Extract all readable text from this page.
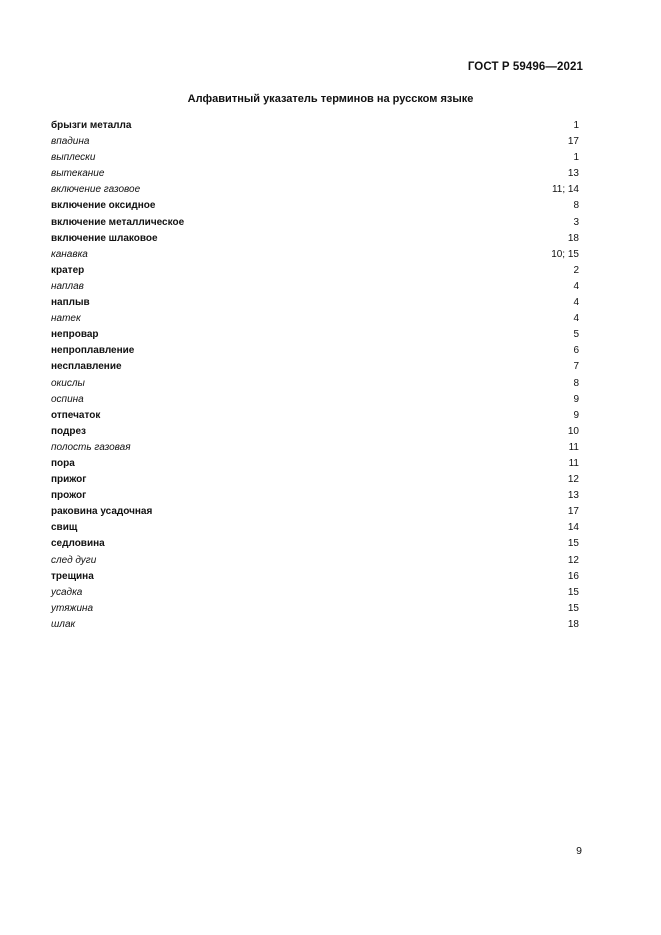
ГОСТ Р 59496—2021
Алфавитный указатель терминов на русском языке
брызги металла	1
впадина	17
выплески	1
вытекание	13
включение газовое	11; 14
включение оксидное	8
включение металлическое	3
включение шлаковое	18
канавка	10; 15
кратер	2
наплав	4
наплыв	4
натек	4
непровар	5
непроплавление	6
несплавление	7
окислы	8
оспина	9
отпечаток	9
подрез	10
полость газовая	11
пора	11
прижог	12
прожог	13
раковина усадочная	17
свищ	14
седловина	15
след дуги	12
трещина	16
усадка	15
утяжина	15
шлак	18
9
